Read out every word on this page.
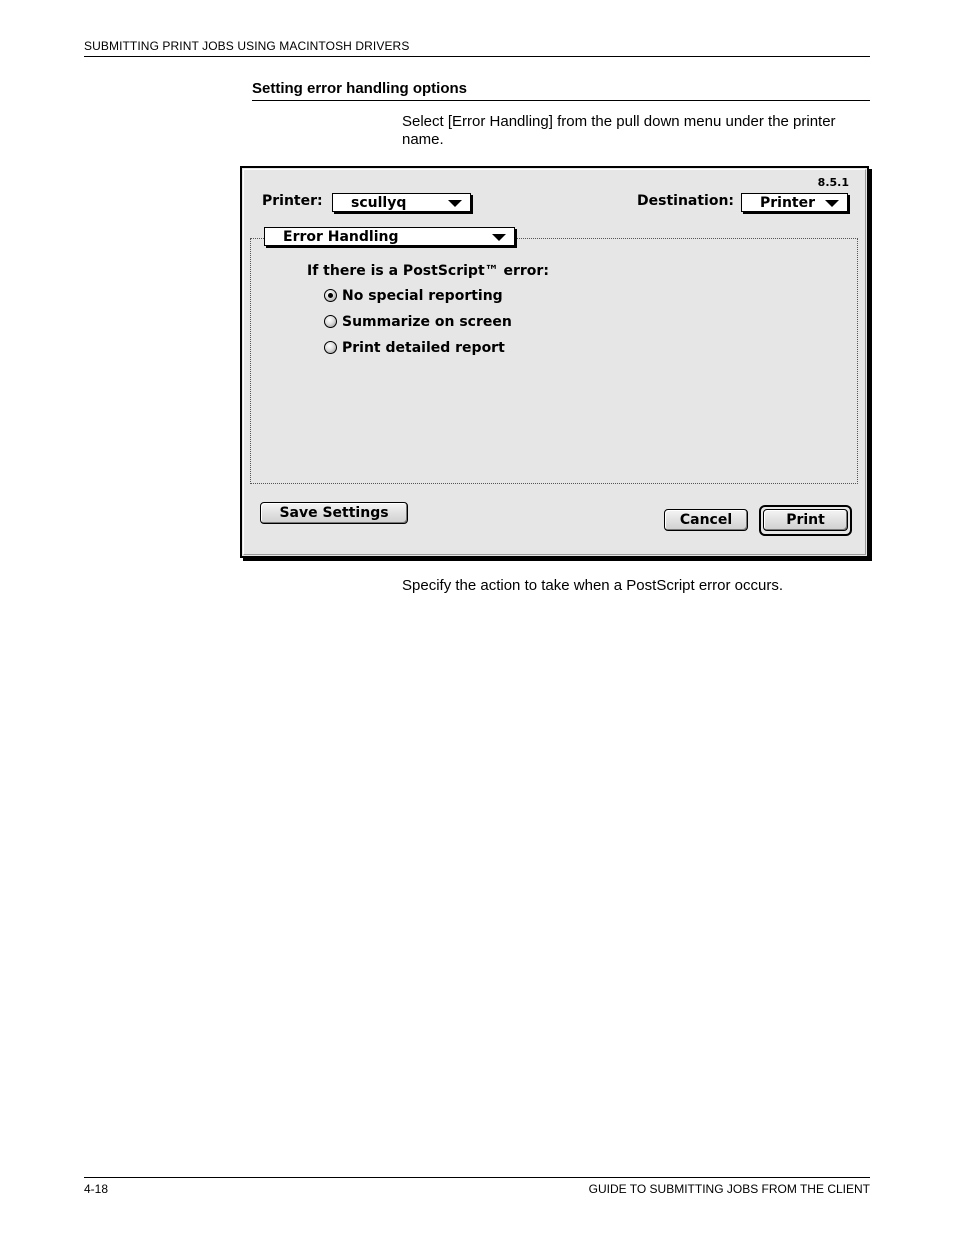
SUBMITTING PRINT JOBS USING MACINTOSH DRIVERS
Setting error handling options
Select [Error Handling] from the pull down menu under the printer name.
8.5.1
Printer:	scullyq	Destination:	Printer
Error Handling
If there is a PostScript™ error:
No special reporting
Summarize on screen
Print detailed report
Save Settings	Cancel	Print
Specify the action to take when a PostScript error occurs.
4-18	GUIDE TO SUBMITTING JOBS FROM THE CLIENT
